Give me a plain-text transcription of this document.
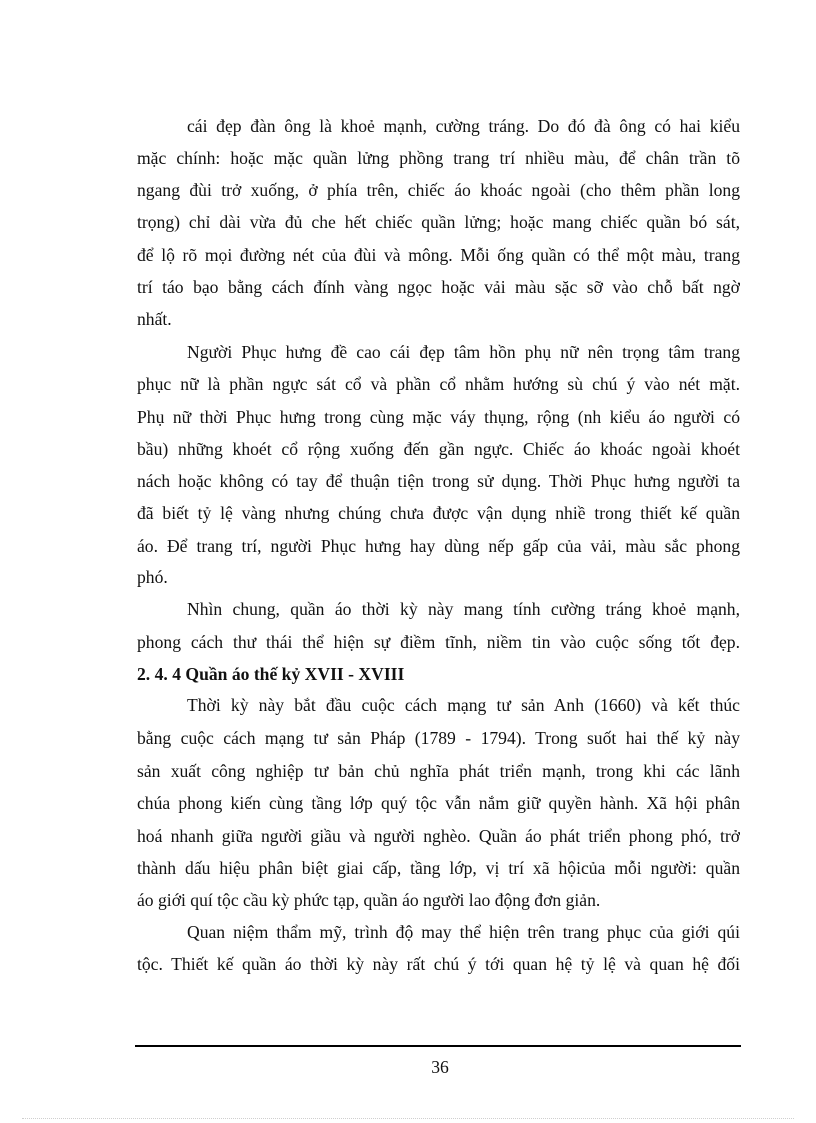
cái đẹp đàn ông là khoẻ mạnh, cường tráng. Do đó đà ông có hai kiểu
mặc chính: hoặc mặc quần lửng phồng trang trí nhiều màu, để chân trần tõ
ngang đùi trở xuống, ở phía trên, chiếc áo khoác ngoài (cho thêm phần long
trọng) chỉ dài vừa đủ che hết chiếc quần lửng; hoặc mang chiếc quần bó sát,
để lộ rõ mọi đường nét của đùi và mông. Mỗi ống quần có thể một màu, trang
trí táo bạo bằng cách đính vàng ngọc hoặc vải màu sặc sỡ vào chỗ bất ngờ
nhất.
Người Phục hưng đề cao cái đẹp tâm hồn phụ nữ nên trọng tâm trang
phục nữ là phần ngực sát cổ và phần cổ nhằm hướng sù chú ý vào nét mặt.
Phụ nữ thời Phục hưng trong cùng mặc váy thụng, rộng (nh kiểu áo người có
bầu) những khoét cổ rộng xuống đến gần ngực. Chiếc áo khoác ngoài khoét
nách hoặc không có tay để thuận tiện trong sử dụng. Thời Phục hưng người ta
đã biết tỷ lệ vàng nhưng chúng chưa được vận dụng nhiề trong thiết kế quần
áo. Để trang trí, người Phục hưng hay dùng nếp gấp của vải, màu sắc phong
phó.
Nhìn chung, quần áo thời kỳ này mang tính cường tráng khoẻ mạnh,
phong cách thư thái thể hiện sự điềm tĩnh, niềm tin vào cuộc sống tốt đẹp.
2. 4. 4 Quần áo thế kỷ XVII - XVIII
Thời kỳ này bắt đầu cuộc cách mạng tư sản Anh (1660) và kết thúc
bằng cuộc cách mạng tư sản Pháp (1789 - 1794). Trong suốt hai thế kỷ này
sản xuất công nghiệp tư bản chủ nghĩa phát triển mạnh, trong khi các lãnh
chúa phong kiến cùng tầng lớp quý tộc vẫn nắm giữ quyền hành. Xã hội phân
hoá nhanh giữa người giầu và người nghèo. Quần áo phát triển phong phó, trở
thành dấu hiệu phân biệt giai cấp, tầng lớp, vị trí xã hộicủa mỗi người: quần
áo giới quí tộc cầu kỳ phức tạp, quần áo người lao động đơn giản.
Quan niệm thẩm mỹ, trình độ may thể hiện trên trang phục của giới qúi
tộc. Thiết kế quần áo thời kỳ này rất chú ý tới quan hệ tỷ lệ và quan hệ đối
36
